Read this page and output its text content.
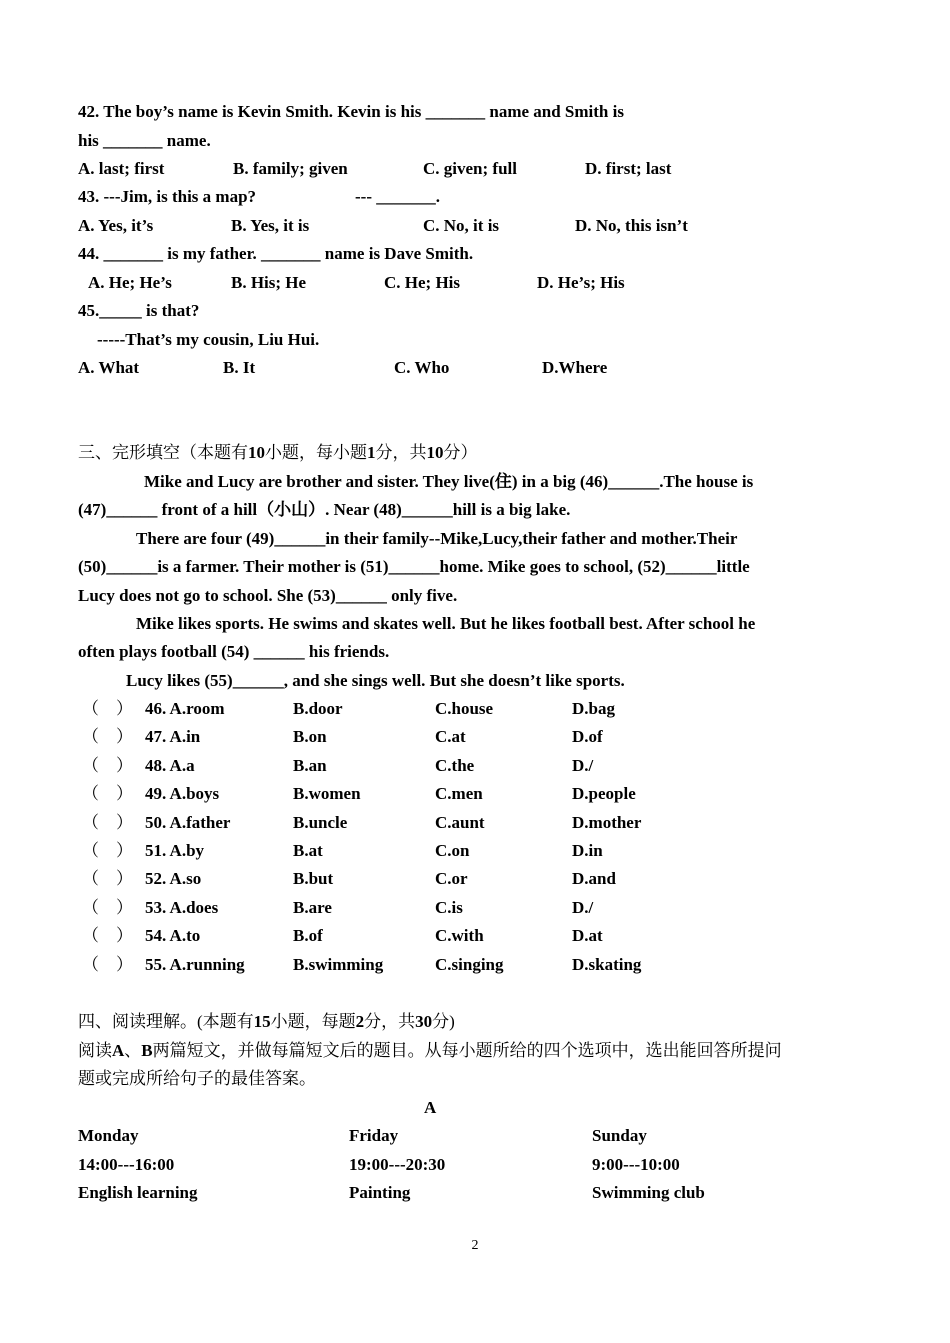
42. The boy’s name is Kevin Smith. Kevin is his _______ name and Smith is
his _______ name.
A. last; first	B. family; given	C. given; full	D. first; last
43. ---Jim, is this a map?	--- _______.
A. Yes, it’s	B. Yes, it is	C. No, it is	D. No, this isn’t
44. _______ is my father. _______ name is Dave Smith.
A. He; He’s	B. His; He	C. He; His	D. He’s; His
45._____ is that?
-----That’s my cousin, Liu Hui.
A. What	B. It	C. Who	D.Where
三、完形填空（本题有10小题，每小题1分，共10分）
Mike and Lucy are brother and sister. They live(住) in a big (46)______.The house is
(47)______ front of a hill（小山）. Near (48)______hill is a big lake.
There are four (49)______in their family--Mike,Lucy,their father and mother.Their
(50)______is a farmer. Their mother is (51)______home. Mike goes to school, (52)______little
Lucy does not go to school. She (53)______ only five.
Mike likes sports. He swims and skates well. But he likes football best. After school he
often plays football (54) ______ his friends.
Lucy likes (55)______, and she sings well. But she doesn’t like sports.
（    ） 46. A.room	B.door	C.house	D.bag
（    ） 47. A.in	B.on	C.at	D.of
（    ） 48. A.a	B.an	C.the	D./
（    ） 49. A.boys	B.women	C.men	D.people
（    ） 50. A.father	B.uncle	C.aunt	D.mother
（    ） 51. A.by	B.at	C.on	D.in
（    ） 52. A.so	B.but	C.or	D.and
（    ） 53. A.does	B.are	C.is	D./
（    ） 54. A.to	B.of	C.with	D.at
（    ） 55. A.running	B.swimming	C.singing	D.skating
四、阅读理解。(本题有15小题，每题2分，共30分)
阅读A、B两篇短文，并做每篇短文后的题目。从每小题所给的四个选项中，选出能回答所提问
题或完成所给句子的最佳答案。
A
Monday	Friday	Sunday
14:00---16:00	19:00---20:30	9:00---10:00
English learning	Painting	Swimming club
2
